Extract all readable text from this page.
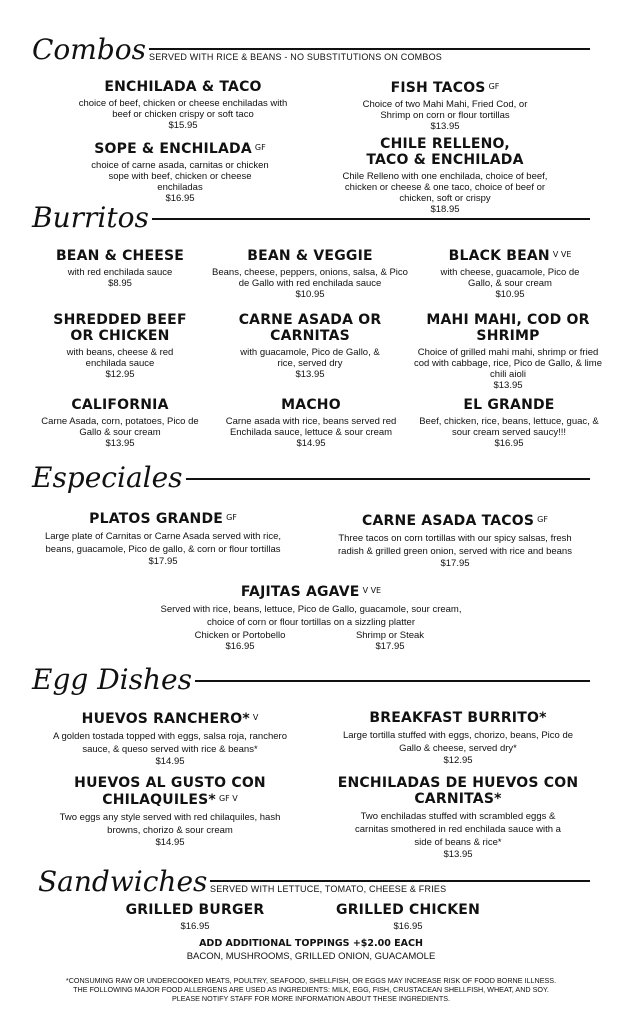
Combos SERVED WITH RICE & BEANS - NO SUBSTITUTIONS ON COMBOS
ENCHILADA & TACO
choice of beef, chicken or cheese enchiladas with beef or chicken crispy or soft taco
$15.95
FISH TACOS $^{GF}$
Choice of two Mahi Mahi, Fried Cod, or Shrimp on corn or flour tortillas
$13.95
SOPE & ENCHILADA $^{GF}$
choice of carne asada, carnitas or chicken sope with beef, chicken or cheese enchiladas
$16.95
CHILE RELLENO, TACO & ENCHILADA
Chile Relleno with one enchilada, choice of beef, chicken or cheese & one taco, choice of beef or chicken, soft or crispy
$18.95
Burritos
BEAN & CHEESE
with red enchilada sauce
$8.95
BEAN & VEGGIE
Beans, cheese, peppers, onions, salsa, & Pico de Gallo with red enchilada sauce
$10.95
BLACK BEAN $^{V VE}$
with cheese, guacamole, Pico de Gallo, & sour cream
$10.95
SHREDDED BEEF OR CHICKEN
with beans, cheese & red enchilada sauce
$12.95
CARNE ASADA OR CARNITAS
with guacamole, Pico de Gallo, & rice, served dry
$13.95
MAHI MAHI, COD OR SHRIMP
Choice of grilled mahi mahi, shrimp or fried cod with cabbage, rice, Pico de Gallo, & lime chili aioli
$13.95
CALIFORNIA
Carne Asada, corn, potatoes, Pico de Gallo & sour cream
$13.95
MACHO
Carne asada with rice, beans served red Enchilada sauce, lettuce & sour cream
$14.95
EL GRANDE
Beef, chicken, rice, beans, lettuce, guac, & sour cream served saucy!!!
$16.95
Especiales
PLATOS GRANDE $^{GF}$
Large plate of Carnitas or Carne Asada served with rice, beans, guacamole, Pico de gallo, & corn or flour tortillas
$17.95
CARNE ASADA TACOS $^{GF}$
Three tacos on corn tortillas with our spicy salsas, fresh radish & grilled green onion, served with rice and beans
$17.95
FAJITAS AGAVE $^{V VE}$
Served with rice, beans, lettuce, Pico de Gallo, guacamole, sour cream, choice of corn or flour tortillas on a sizzling platter
Chicken or Portobello
$16.95
Shrimp or Steak
$17.95
Egg Dishes
HUEVOS RANCHERO* $^V$
A golden tostada topped with eggs, salsa roja, ranchero sauce, & queso served with rice & beans*
$14.95
BREAKFAST BURRITO*
Large tortilla stuffed with eggs, chorizo, beans, Pico de Gallo & cheese, served dry*
$12.95
HUEVOS AL GUSTO CON CHILAQUILES* $^{GF V}$
Two eggs any style served with red chilaquiles, hash browns, chorizo & sour cream
$14.95
ENCHILADAS DE HUEVOS CON CARNITAS*
Two enchiladas stuffed with scrambled eggs & carnitas smothered in red enchilada sauce with a side of beans & rice*
$13.95
Sandwiches SERVED WITH LETTUCE, TOMATO, CHEESE & FRIES
GRILLED BURGER
$16.95
GRILLED CHICKEN
$16.95
ADD ADDITIONAL TOPPINGS +$2.00 EACH
BACON, MUSHROOMS, GRILLED ONION, GUACAMOLE
*CONSUMING RAW OR UNDERCOOKED MEATS, POULTRY, SEAFOOD, SHELLFISH, OR EGGS MAY INCREASE RISK OF FOOD BORNE ILLNESS.
THE FOLLOWING MAJOR FOOD ALLERGENS ARE USED AS INGREDIENTS: MILK, EGG, FISH, CRUSTACEAN SHELLFISH, WHEAT, AND SOY.
PLEASE NOTIFY STAFF FOR MORE INFORMATION ABOUT THESE INGREDIENTS.
